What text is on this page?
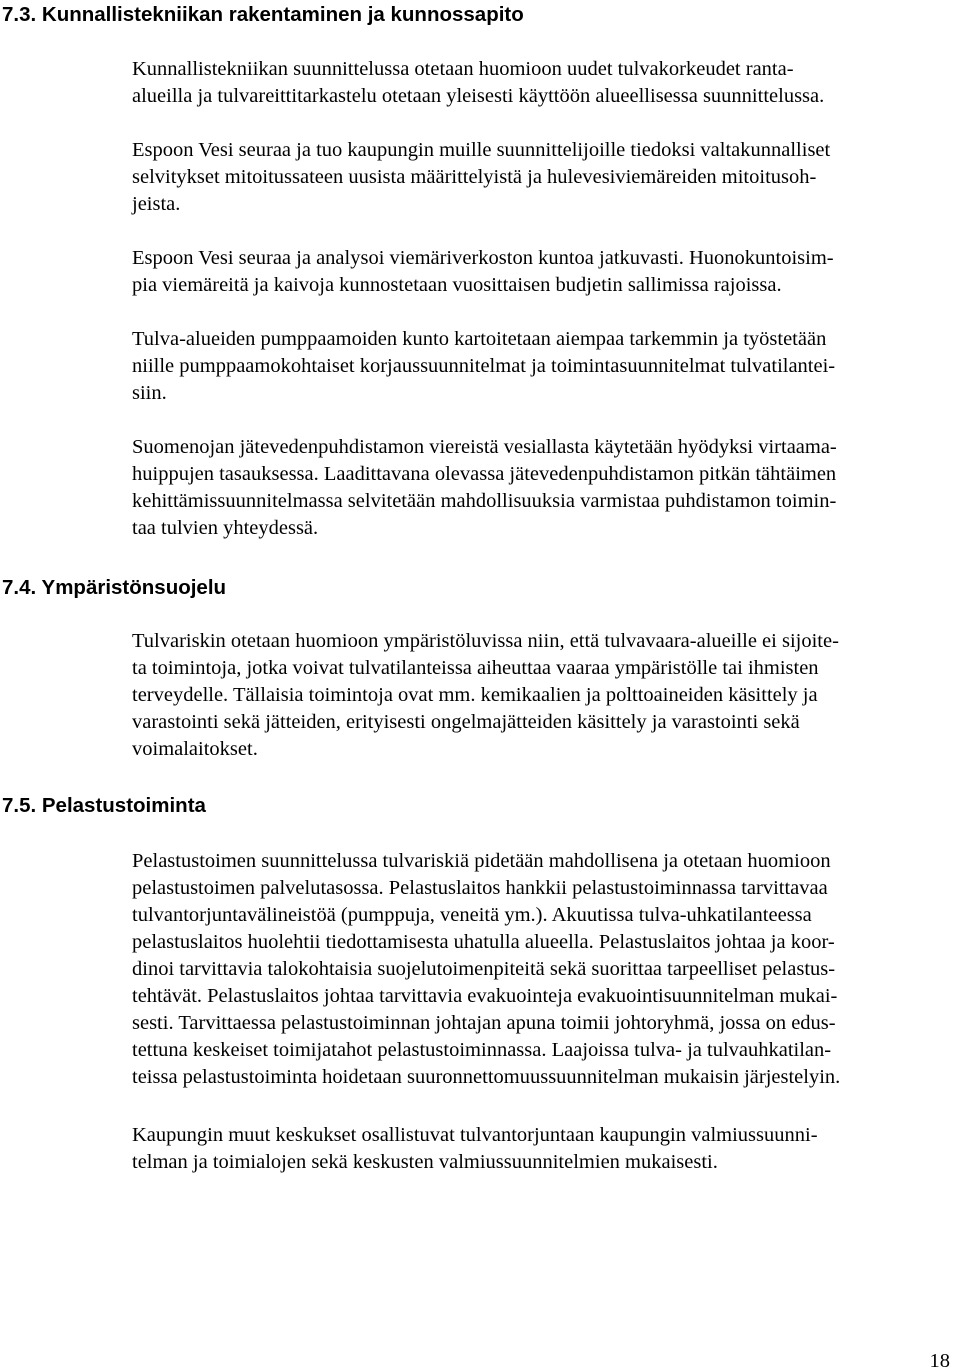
7.3. Kunnallistekniikan rakentaminen ja kunnossapito

Kunnallistekniikan suunnittelussa otetaan huomioon uudet tulvakorkeudet ranta-
alueilla ja tulvareittitarkastelu otetaan yleisesti käyttöön alueellisessa suunnittelussa.

Espoon Vesi seuraa ja tuo kaupungin muille suunnittelijoille tiedoksi valtakunnalliset
selvitykset mitoitussateen uusista määrittelyistä ja hulevesiviemäreiden mitoitusoh-
jeista.

Espoon Vesi seuraa ja analysoi viemäriverkoston kuntoa jatkuvasti. Huonokuntoisim-
pia viemäreitä ja kaivoja kunnostetaan vuosittaisen budjetin sallimissa rajoissa.

Tulva-alueiden pumppaamoiden kunto kartoitetaan aiempaa tarkemmin ja työstetään
niille pumppaamokohtaiset korjaussuunnitelmat ja toimintasuunnitelmat tulvatilantei-
siin.

Suomenojan jätevedenpuhdistamon viereistä vesiallasta käytetään hyödyksi virtaama-
huippujen tasauksessa. Laadittavana olevassa jätevedenpuhdistamon pitkän tähtäimen
kehittämissuunnitelmassa selvitetään mahdollisuuksia varmistaa puhdistamon toimin-
taa tulvien yhteydessä.

7.4. Ympäristönsuojelu

Tulvariskin otetaan huomioon ympäristöluvissa niin, että tulvavaara-alueille ei sijoite-
ta toimintoja, jotka voivat tulvatilanteissa aiheuttaa vaaraa ympäristölle tai ihmisten
terveydelle. Tällaisia toimintoja ovat mm. kemikaalien ja polttoaineiden käsittely ja
varastointi sekä jätteiden, erityisesti ongelmajätteiden käsittely ja varastointi sekä
voimalaitokset.

7.5. Pelastustoiminta

Pelastustoimen suunnittelussa tulvariskiä pidetään mahdollisena ja otetaan huomioon
pelastustoimen palvelutasossa. Pelastuslaitos hankkii pelastustoiminnassa tarvittavaa
tulvantorjuntavälineistöä (pumppuja, veneitä ym.). Akuutissa tulva-uhkatilanteessa
pelastuslaitos huolehtii tiedottamisesta uhatulla alueella. Pelastuslaitos johtaa ja koor-
dinoi tarvittavia talokohtaisia suojelutoimenpiteitä sekä suorittaa tarpeelliset pelastus-
tehtävät. Pelastuslaitos johtaa tarvittavia evakuointeja evakuointisuunnitelman mukai-
sesti. Tarvittaessa pelastustoiminnan johtajan apuna toimii johtoryhmä, jossa on edus-
tettuna keskeiset toimijatahot pelastustoiminnassa. Laajoissa tulva- ja tulvauhkatilan-
teissa pelastustoiminta hoidetaan suuronnettomuussuunnitelman mukaisin järjestelyin.

Kaupungin muut keskukset osallistuvat tulvantorjuntaan kaupungin valmiussuunni-
telman ja toimialojen sekä keskusten valmiussuunnitelmien mukaisesti.

18
